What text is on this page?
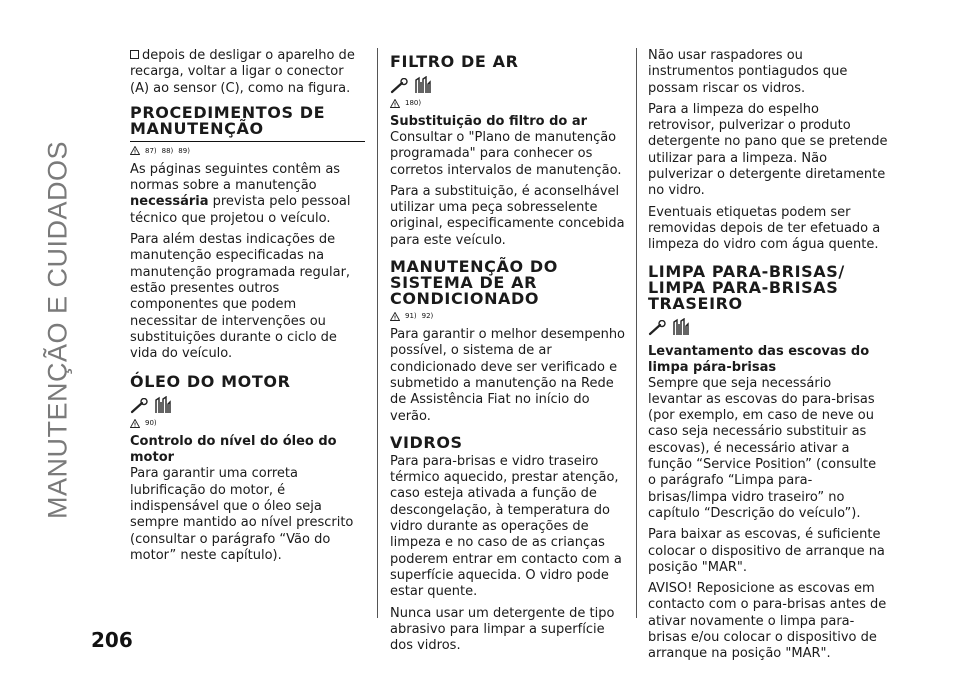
MANUTENÇÃO E CUIDADOS

depois de desligar o aparelho de recarga, voltar a ligar o conector (A) ao sensor (C), como na figura.

PROCEDIMENTOS DE MANUTENÇÃO
! 87) 88) 89)

As páginas seguintes contêm as normas sobre a manutenção necessária prevista pelo pessoal técnico que projetou o veículo.

Para além destas indicações de manutenção especificadas na manutenção programada regular, estão presentes outros componentes que podem necessitar de intervenções ou substituições durante o ciclo de vida do veículo.

ÓLEO DO MOTOR
! 90)
Controlo do nível do óleo do motor

Para garantir uma correta lubrificação do motor, é indispensável que o óleo seja sempre mantido ao nível prescrito (consultar o parágrafo “Vão do motor” neste capítulo).

FILTRO DE AR
! 180)
Substituição do filtro do ar

Consultar o "Plano de manutenção programada" para conhecer os corretos intervalos de manutenção.

Para a substituição, é aconselhável utilizar uma peça sobresselente original, especificamente concebida para este veículo.

MANUTENÇÃO DO SISTEMA DE AR CONDICIONADO
! 91) 92)

Para garantir o melhor desempenho possível, o sistema de ar condicionado deve ser verificado e submetido a manutenção na Rede de Assistência Fiat no início do verão.

VIDROS

Para para-brisas e vidro traseiro térmico aquecido, prestar atenção, caso esteja ativada a função de descongelação, à temperatura do vidro durante as operações de limpeza e no caso de as crianças poderem entrar em contacto com a superfície aquecida. O vidro pode estar quente.

Nunca usar um detergente de tipo abrasivo para limpar a superfície dos vidros.

Não usar raspadores ou instrumentos pontiagudos que possam riscar os vidros.

Para a limpeza do espelho retrovisor, pulverizar o produto detergente no pano que se pretende utilizar para a limpeza. Não pulverizar o detergente diretamente no vidro.

Eventuais etiquetas podem ser removidas depois de ter efetuado a limpeza do vidro com água quente.

LIMPA PARA-BRISAS/ LIMPA PARA-BRISAS TRASEIRO
Levantamento das escovas do limpa pára-brisas

Sempre que seja necessário levantar as escovas do para-brisas (por exemplo, em caso de neve ou caso seja necessário substituir as escovas), é necessário ativar a função “Service Position” (consulte o parágrafo “Limpa para-brisas/limpa vidro traseiro” no capítulo “Descrição do veículo”).

Para baixar as escovas, é suficiente colocar o dispositivo de arranque na posição "MAR".

AVISO! Reposicione as escovas em contacto com o para-brisas antes de ativar novamente o limpa para-brisas e/ou colocar o dispositivo de arranque na posição "MAR".

206
